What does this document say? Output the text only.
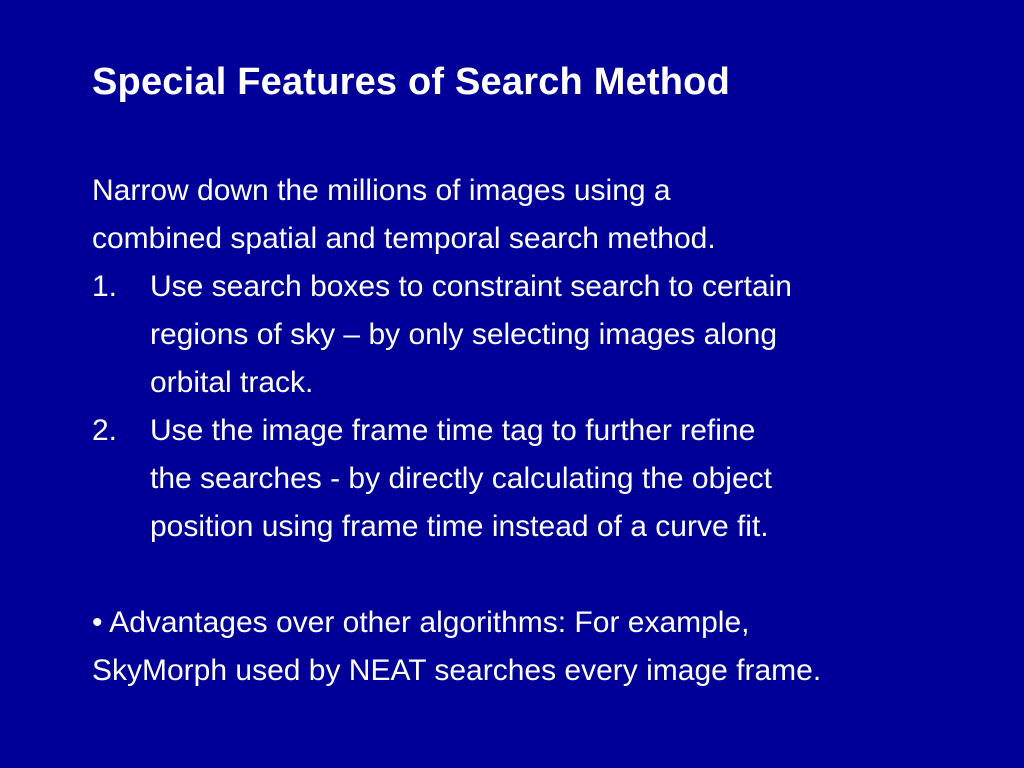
Special Features of Search Method

Narrow down the millions of images using a
combined spatial and temporal search method.

1.	Use search boxes to constraint search to certain
regions of sky – by only selecting images along
orbital track.
2.	Use the image frame time tag to further refine
the searches - by directly calculating the object
position using frame time instead of a curve fit.

• Advantages over other algorithms: For example,
SkyMorph used by NEAT searches every image frame.
